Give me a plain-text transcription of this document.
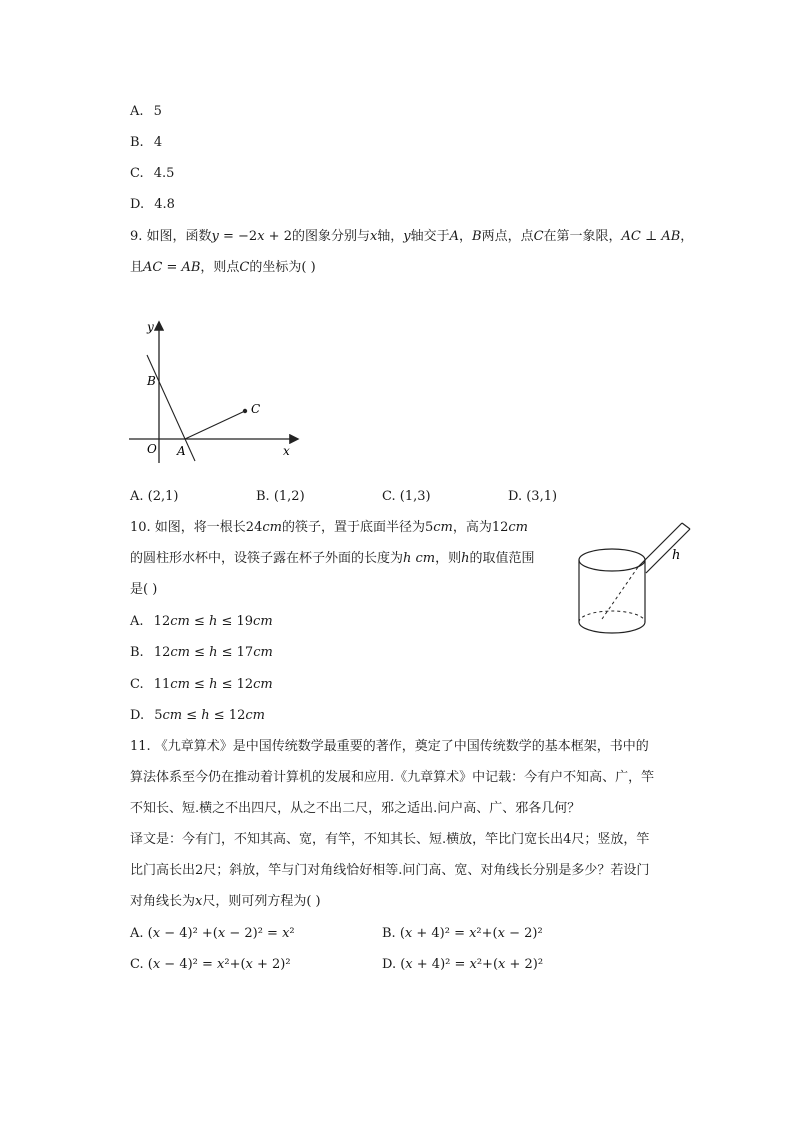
A. 5
B. 4
C. 4.5
D. 4.8
9. 如图，函数𝑦 = −2𝑥 + 2的图象分别与𝑥轴，𝑦轴交于𝐴，𝐵两点，点𝐶在第一象限，𝐴𝐶 ⊥ 𝐴𝐵，
且𝐴𝐶 = 𝐴𝐵，则点𝐶的坐标为( )
y
x
B
O A
C
A. (2,1)	B. (1,2)	C. (1,3)	D. (3,1)
10. 如图，将一根长24𝑐𝑚的筷子，置于底面半径为5𝑐𝑚，高为12𝑐𝑚
的圆柱形水杯中，设筷子露在杯子外面的长度为ℎ 𝑐𝑚，则ℎ的取值范围
是( )
h
A. 12𝑐𝑚 ≤ ℎ ≤ 19𝑐𝑚
B. 12𝑐𝑚 ≤ ℎ ≤ 17𝑐𝑚
C. 11𝑐𝑚 ≤ ℎ ≤ 12𝑐𝑚
D. 5𝑐𝑚 ≤ ℎ ≤ 12𝑐𝑚
11. 《九章算术》是中国传统数学最重要的著作，奠定了中国传统数学的基本框架，书中的
算法体系至今仍在推动着计算机的发展和应用.《九章算术》中记载：今有户不知高、广，竿
不知长、短.横之不出四尺，从之不出二尺，邪之适出.问户高、广、邪各几何？
译文是：今有门，不知其高、宽，有竿，不知其长、短.横放，竿比门宽长出4尺；竖放，竿
比门高长出2尺；斜放，竿与门对角线恰好相等.问门高、宽、对角线长分别是多少？若设门
对角线长为𝑥尺，则可列方程为( )
A. (𝑥 − 4)² +(𝑥 − 2)² = 𝑥²	B. (𝑥 + 4)² = 𝑥²+(𝑥 − 2)²
C. (𝑥 − 4)² = 𝑥²+(𝑥 + 2)²	D. (𝑥 + 4)² = 𝑥²+(𝑥 + 2)²
